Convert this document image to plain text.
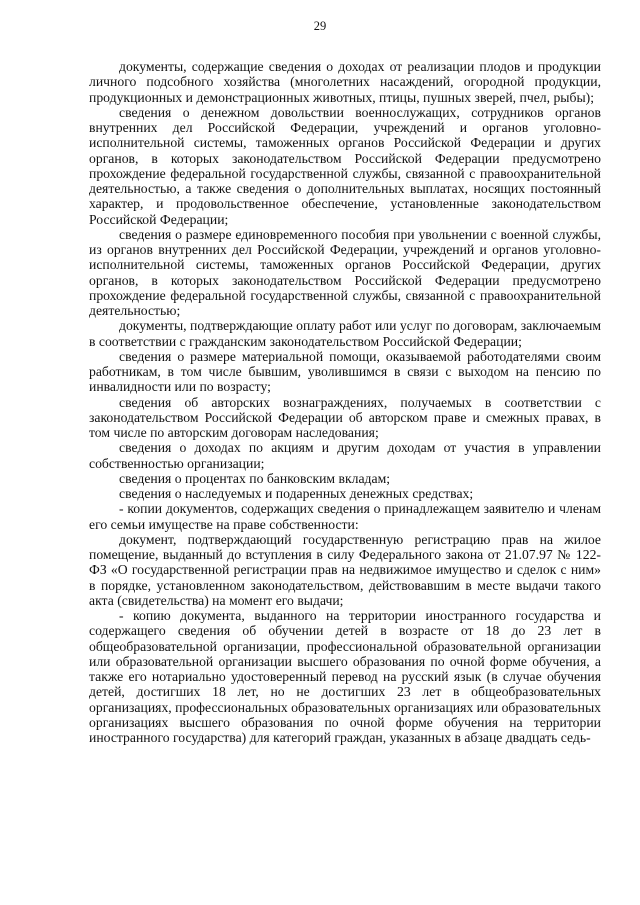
29

документы, содержащие сведения о доходах от реализации плодов и продукции личного подсобного хозяйства (многолетних насаждений, огородной продукции, продукционных и демонстрационных животных, птицы, пушных зверей, пчел, рыбы);

сведения о денежном довольствии военнослужащих, сотрудников органов внутренних дел Российской Федерации, учреждений и органов уголовно-исполнительной системы, таможенных органов Российской Федерации и других органов, в которых законодательством Российской Федерации предусмотрено прохождение федеральной государственной службы, связанной с правоохранительной деятельностью, а также сведения о дополнительных выплатах, носящих постоянный характер, и продовольственное обеспечение, установленные законодательством Российской Федерации;

сведения о размере единовременного пособия при увольнении с военной службы, из органов внутренних дел Российской Федерации, учреждений и органов уголовно-исполнительной системы, таможенных органов Российской Федерации, других органов, в которых законодательством Российской Федерации предусмотрено прохождение федеральной государственной службы, связанной с правоохранительной деятельностью;

документы, подтверждающие оплату работ или услуг по договорам, заключаемым в соответствии с гражданским законодательством Российской Федерации;

сведения о размере материальной помощи, оказываемой работодателями своим работникам, в том числе бывшим, уволившимся в связи с выходом на пенсию по инвалидности или по возрасту;

сведения об авторских вознаграждениях, получаемых в соответствии с законодательством Российской Федерации об авторском праве и смежных правах, в том числе по авторским договорам наследования;

сведения о доходах по акциям и другим доходам от участия в управлении собственностью организации;

сведения о процентах по банковским вкладам;

сведения о наследуемых и подаренных денежных средствах;

- копии документов, содержащих сведения о принадлежащем заявителю и членам его семьи имуществе на праве собственности:

документ, подтверждающий государственную регистрацию прав на жилое помещение, выданный до вступления в силу Федерального закона от 21.07.97 № 122-ФЗ «О государственной регистрации прав на недвижимое имущество и сделок с ним» в порядке, установленном законодательством, действовавшим в месте выдачи такого акта (свидетельства) на момент его выдачи;

- копию документа, выданного на территории иностранного государства и содержащего сведения об обучении детей в возрасте от 18 до 23 лет в общеобразовательной организации, профессиональной образовательной организации или образовательной организации высшего образования по очной форме обучения, а также его нотариально удостоверенный перевод на русский язык (в случае обучения детей, достигших 18 лет, но не достигших 23 лет в общеобразовательных организациях, профессиональных образовательных организациях или образовательных организациях высшего образования по очной форме обучения на территории иностранного государства) для категорий граждан, указанных в абзаце двадцать седь-
